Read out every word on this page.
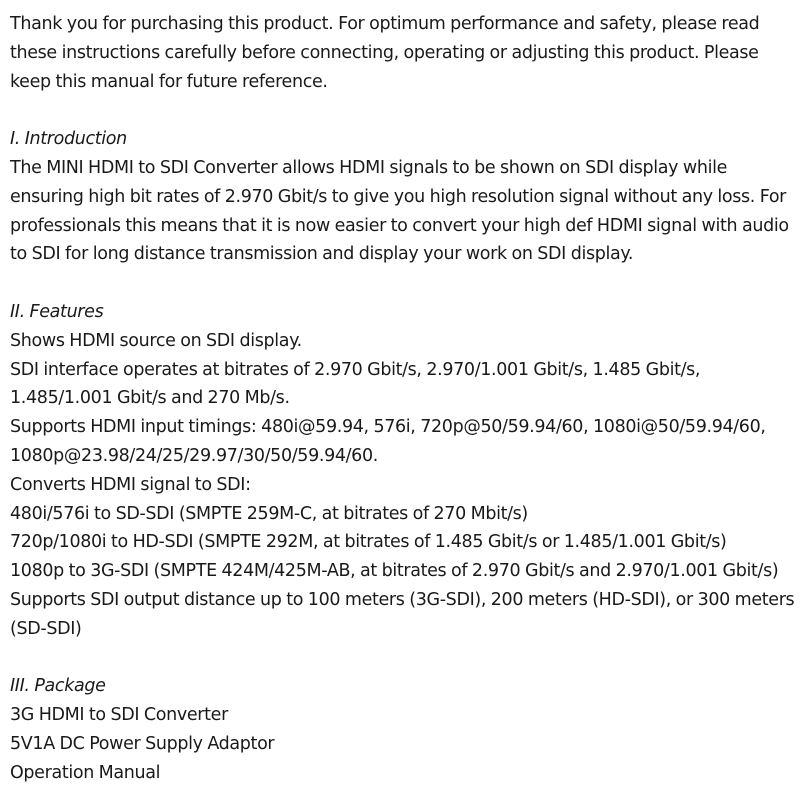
Thank you for purchasing this product. For optimum performance and safety, please read these instructions carefully before connecting, operating or adjusting this product. Please keep this manual for future reference.

I. Introduction

The MINI HDMI to SDI Converter allows HDMI signals to be shown on SDI display while ensuring high bit rates of 2.970 Gbit/s to give you high resolution signal without any loss. For professionals this means that it is now easier to convert your high def HDMI signal with audio to SDI for long distance transmission and display your work on SDI display.

II. Features
Shows HDMI source on SDI display.
SDI interface operates at bitrates of 2.970 Gbit/s, 2.970/1.001 Gbit/s, 1.485 Gbit/s, 1.485/1.001 Gbit/s and 270 Mb/s.
Supports HDMI input timings: 480i@59.94, 576i, 720p@50/59.94/60, 1080i@50/59.94/60, 1080p@23.98/24/25/29.97/30/50/59.94/60.
Converts HDMI signal to SDI:
480i/576i to SD-SDI (SMPTE 259M-C, at bitrates of 270 Mbit/s)
720p/1080i to HD-SDI (SMPTE 292M, at bitrates of 1.485 Gbit/s or 1.485/1.001 Gbit/s)
1080p to 3G-SDI (SMPTE 424M/425M-AB, at bitrates of 2.970 Gbit/s and 2.970/1.001 Gbit/s)
Supports SDI output distance up to 100 meters (3G-SDI), 200 meters (HD-SDI), or 300 meters (SD-SDI)
III. Package
3G HDMI to SDI Converter
5V1A DC Power Supply Adaptor
Operation Manual
